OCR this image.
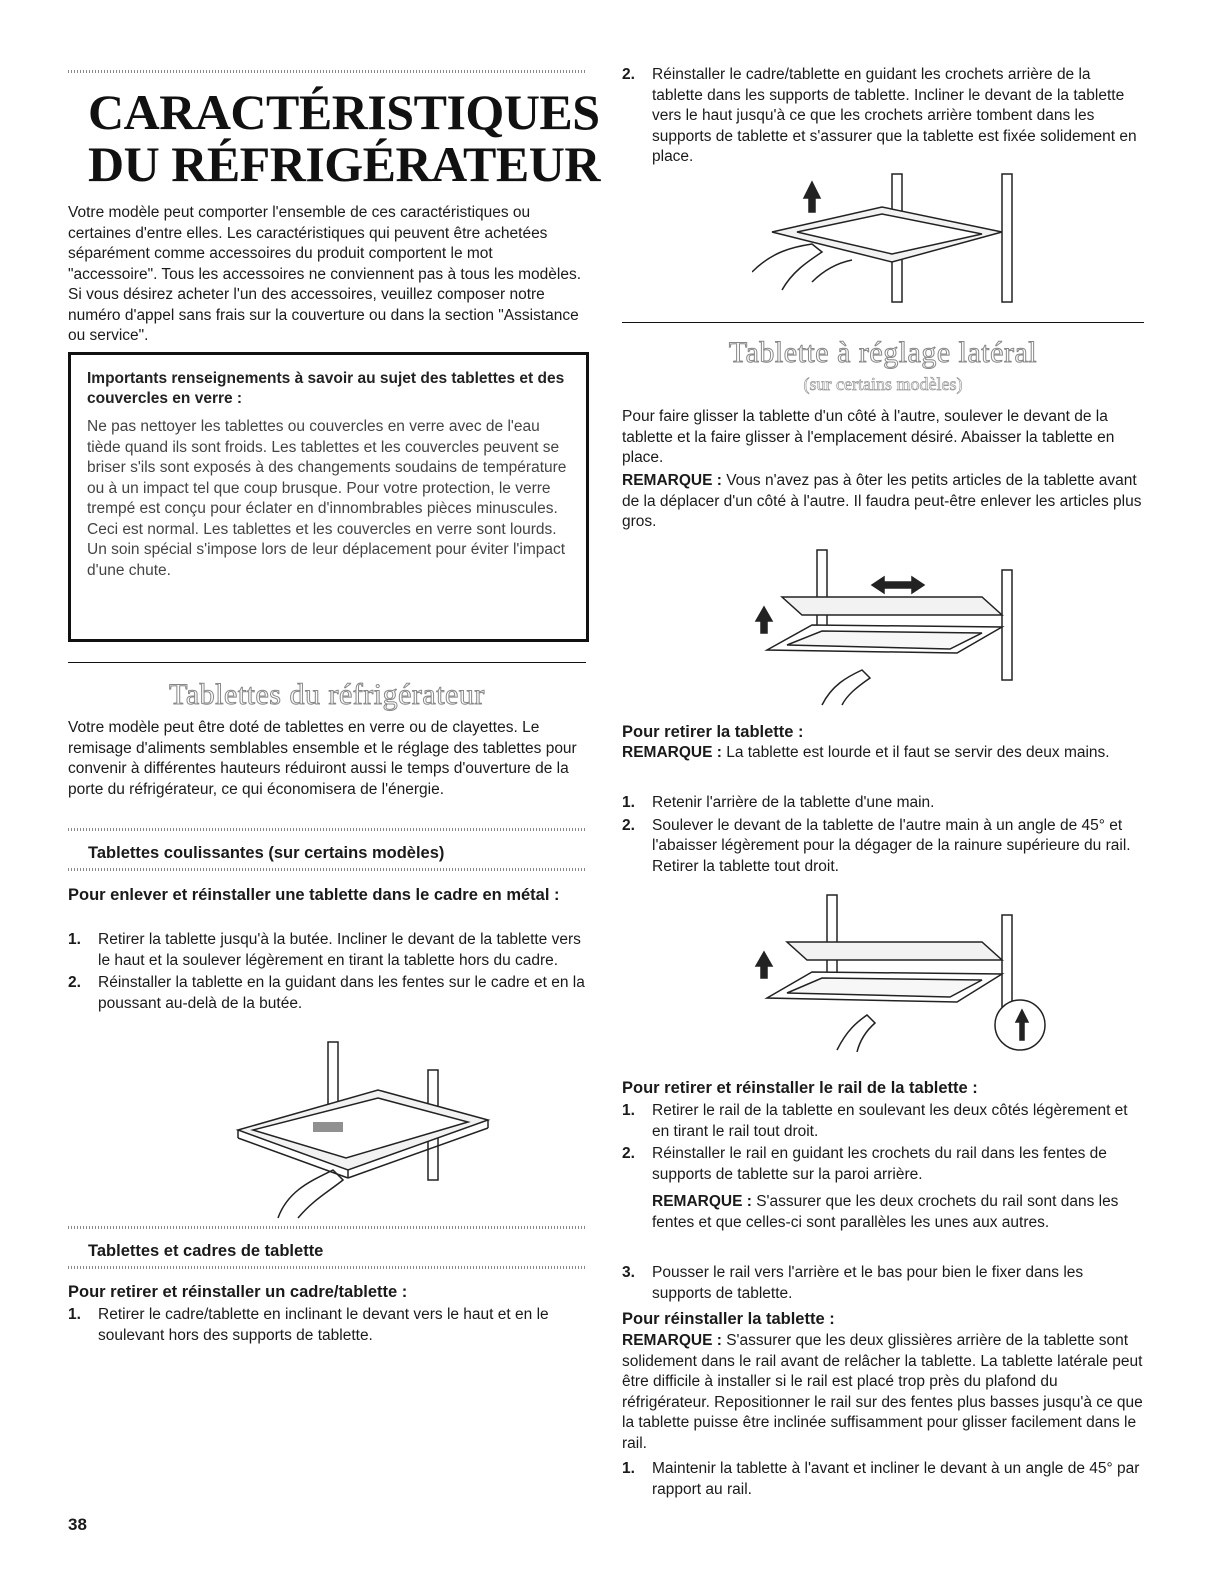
CARACTÉRISTIQUES
DU RÉFRIGÉRATEUR

Votre modèle peut comporter l'ensemble de ces caractéristiques ou certaines d'entre elles. Les caractéristiques qui peuvent être achetées séparément comme accessoires du produit comportent le mot "accessoire". Tous les accessoires ne conviennent pas à tous les modèles. Si vous désirez acheter l'un des accessoires, veuillez composer notre numéro d'appel sans frais sur la couverture ou dans la section "Assistance ou service".

Importants renseignements à savoir au sujet des tablettes et des couvercles en verre :
Ne pas nettoyer les tablettes ou couvercles en verre avec de l'eau tiède quand ils sont froids. Les tablettes et les couvercles peuvent se briser s'ils sont exposés à des changements soudains de température ou à un impact tel que coup brusque. Pour votre protection, le verre trempé est conçu pour éclater en d'innombrables pièces minuscules. Ceci est normal. Les tablettes et les couvercles en verre sont lourds. Un soin spécial s'impose lors de leur déplacement pour éviter l'impact d'une chute.
Tablettes du réfrigérateur

Votre modèle peut être doté de tablettes en verre ou de clayettes. Le remisage d'aliments semblables ensemble et le réglage des tablettes pour convenir à différentes hauteurs réduiront aussi le temps d'ouverture de la porte du réfrigérateur, ce qui économisera de l'énergie.

Tablettes coulissantes (sur certains modèles)
Pour enlever et réinstaller une tablette dans le cadre en métal :
1. Retirer la tablette jusqu'à la butée. Incliner le devant de la tablette vers le haut et la soulever légèrement en tirant la tablette hors du cadre.
2. Réinstaller la tablette en la guidant dans les fentes sur le cadre et en la poussant au-delà de la butée.
Tablettes et cadres de tablette
Pour retirer et réinstaller un cadre/tablette :
1. Retirer le cadre/tablette en inclinant le devant vers le haut et en le soulevant hors des supports de tablette.
38
2. Réinstaller le cadre/tablette en guidant les crochets arrière de la tablette dans les supports de tablette. Incliner le devant de la tablette vers le haut jusqu'à ce que les crochets arrière tombent dans les supports de tablette et s'assurer que la tablette est fixée solidement en place.
Tablette à réglage latéral
(sur certains modèles)

Pour faire glisser la tablette d'un côté à l'autre, soulever le devant de la tablette et la faire glisser à l'emplacement désiré. Abaisser la tablette en place.

REMARQUE : Vous n'avez pas à ôter les petits articles de la tablette avant de la déplacer d'un côté à l'autre. Il faudra peut-être enlever les articles plus gros.

Pour retirer la tablette :

REMARQUE : La tablette est lourde et il faut se servir des deux mains.

1. Retenir l'arrière de la tablette d'une main.
2. Soulever le devant de la tablette de l'autre main à un angle de 45° et l'abaisser légèrement pour la dégager de la rainure supérieure du rail. Retirer la tablette tout droit.
Pour retirer et réinstaller le rail de la tablette :
1. Retirer le rail de la tablette en soulevant les deux côtés légèrement et en tirant le rail tout droit.
2. Réinstaller le rail en guidant les crochets du rail dans les fentes de supports de tablette sur la paroi arrière.

REMARQUE : S'assurer que les deux crochets du rail sont dans les fentes et que celles-ci sont parallèles les unes aux autres.

3. Pousser le rail vers l'arrière et le bas pour bien le fixer dans les supports de tablette.
Pour réinstaller la tablette :

REMARQUE : S'assurer que les deux glissières arrière de la tablette sont solidement dans le rail avant de relâcher la tablette. La tablette latérale peut être difficile à installer si le rail est placé trop près du plafond du réfrigérateur. Repositionner le rail sur des fentes plus basses jusqu'à ce que la tablette puisse être inclinée suffisamment pour glisser facilement dans le rail.

1. Maintenir la tablette à l'avant et incliner le devant à un angle de 45° par rapport au rail.
